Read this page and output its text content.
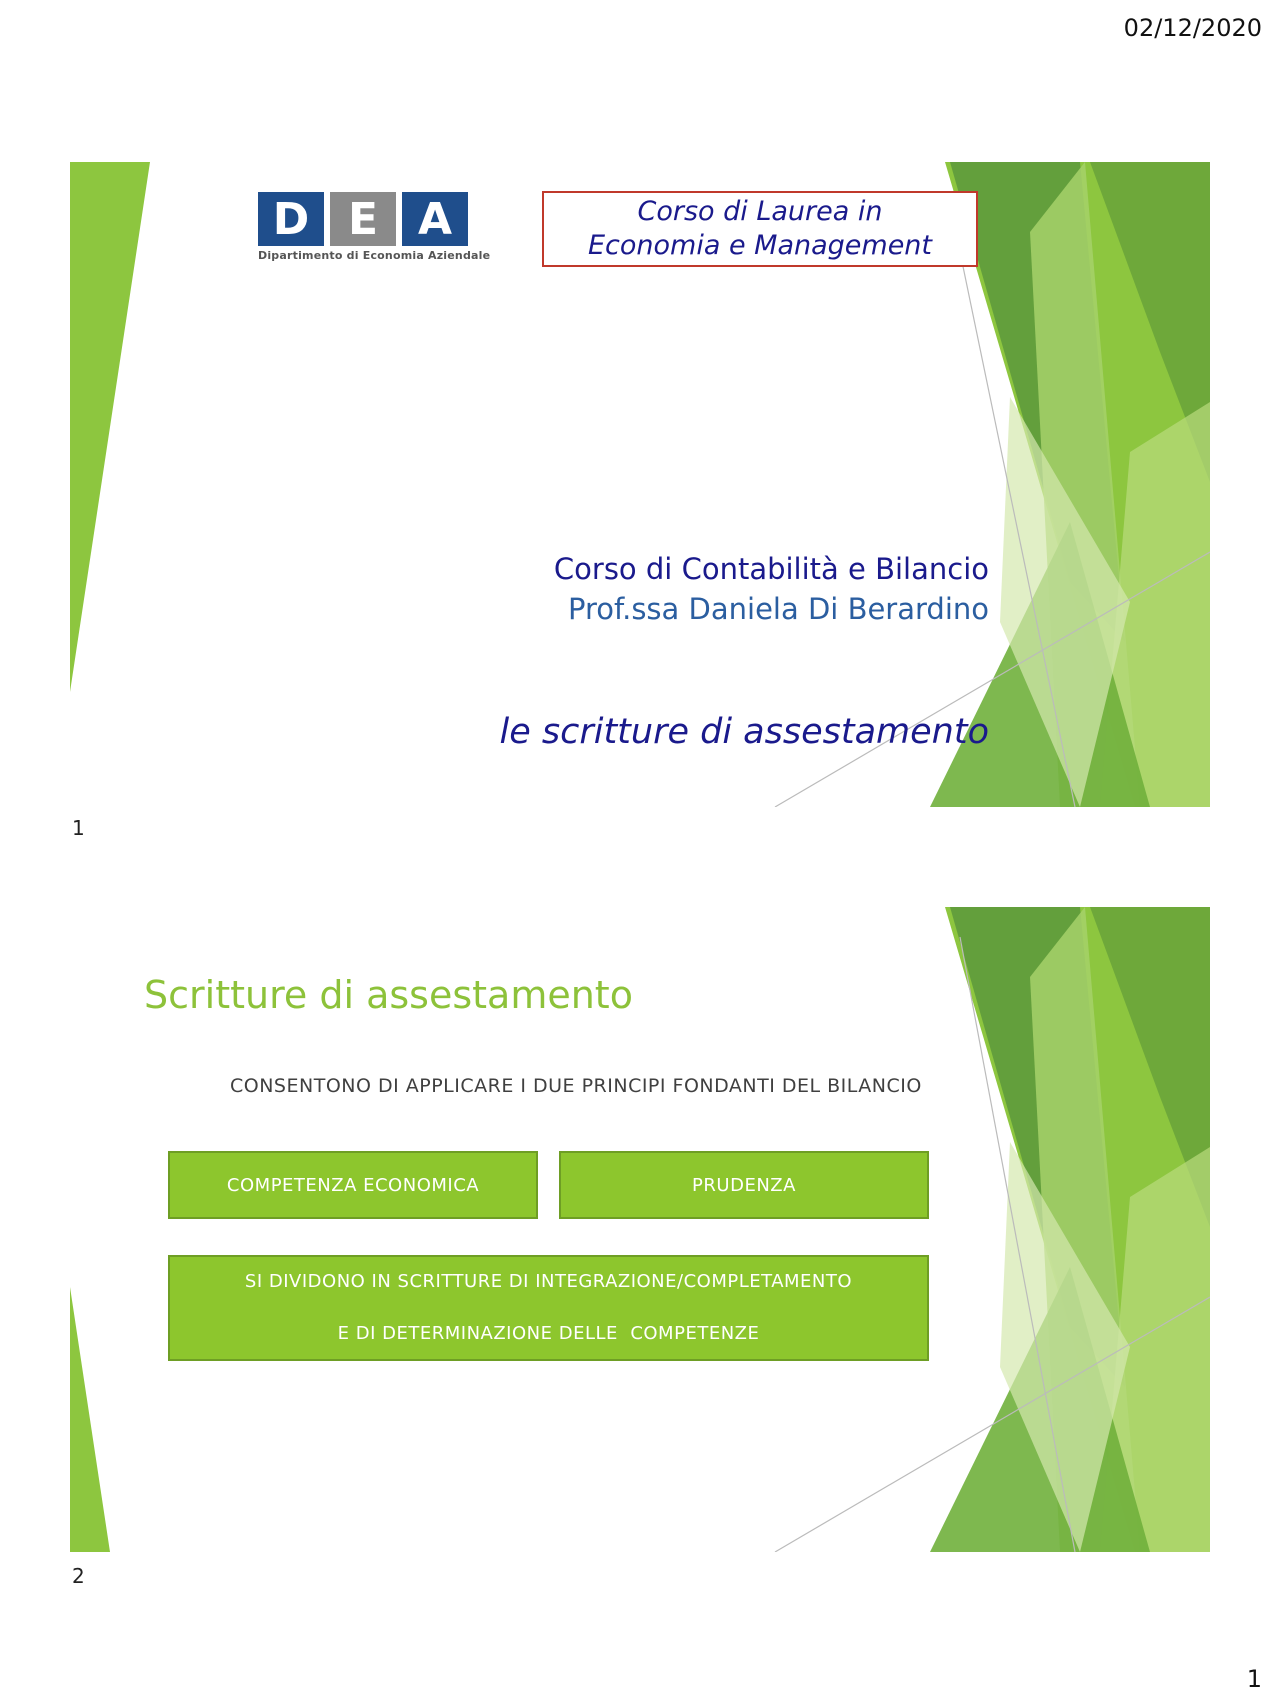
02/12/2020
D E A
Dipartimento di Economia Aziendale
Corso di Laurea in
Economia e Management
Corso di Contabilità e Bilancio
Prof.ssa Daniela Di Berardino
le scritture di assestamento
1
Scritture di assestamento
CONSENTONO DI APPLICARE I DUE PRINCIPI FONDANTI DEL BILANCIO
COMPETENZA ECONOMICA	PRUDENZA
SI DIVIDONO IN SCRITTURE DI INTEGRAZIONE/COMPLETAMENTO
E DI DETERMINAZIONE DELLE  COMPETENZE
2
1
